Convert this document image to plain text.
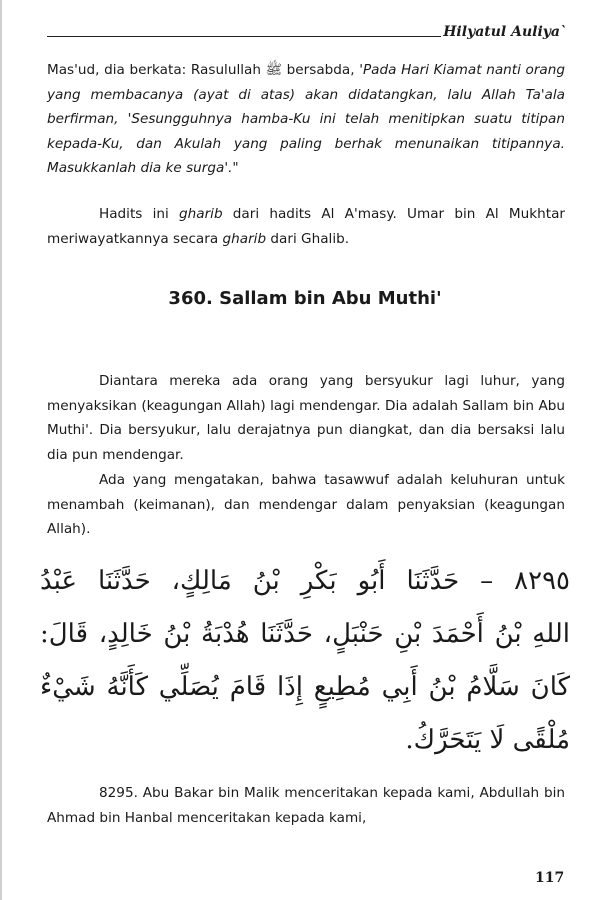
Hilyatul Auliya`
Mas'ud, dia berkata: Rasulullah ﷺ bersabda, 'Pada Hari Kiamat nanti orang yang membacanya (ayat di atas) akan didatangkan, lalu Allah Ta'ala berfirman, 'Sesungguhnya hamba-Ku ini telah menitipkan suatu titipan kepada-Ku, dan Akulah yang paling berhak menunaikan titipannya. Masukkanlah dia ke surga'."
Hadits ini gharib dari hadits Al A'masy. Umar bin Al Mukhtar meriwayatkannya secara gharib dari Ghalib.
360. Sallam bin Abu Muthi'
Diantara mereka ada orang yang bersyukur lagi luhur, yang menyaksikan (keagungan Allah) lagi mendengar. Dia adalah Sallam bin Abu Muthi'. Dia bersyukur, lalu derajatnya pun diangkat, dan dia bersaksi lalu dia pun mendengar.
Ada yang mengatakan, bahwa tasawwuf adalah keluhuran untuk menambah (keimanan), dan mendengar dalam penyaksian (keagungan Allah).
٨٢٩٥ – حَدَّثَنَا أَبُو بَكْرِ بْنُ مَالِكٍ، حَدَّثَنَا عَبْدُ
اللهِ بْنُ أَحْمَدَ بْنِ حَنْبَلٍ، حَدَّثَنَا هُدْبَةُ بْنُ خَالِدٍ، قَالَ:
كَانَ سَلَّامُ بْنُ أَبِي مُطِيعٍ إِذَا قَامَ يُصَلِّي كَأَنَّهُ شَيْءٌ
مُلْقًى لَا يَتَحَرَّكُ.
8295. Abu Bakar bin Malik menceritakan kepada kami, Abdullah bin Ahmad bin Hanbal menceritakan kepada kami,
117
